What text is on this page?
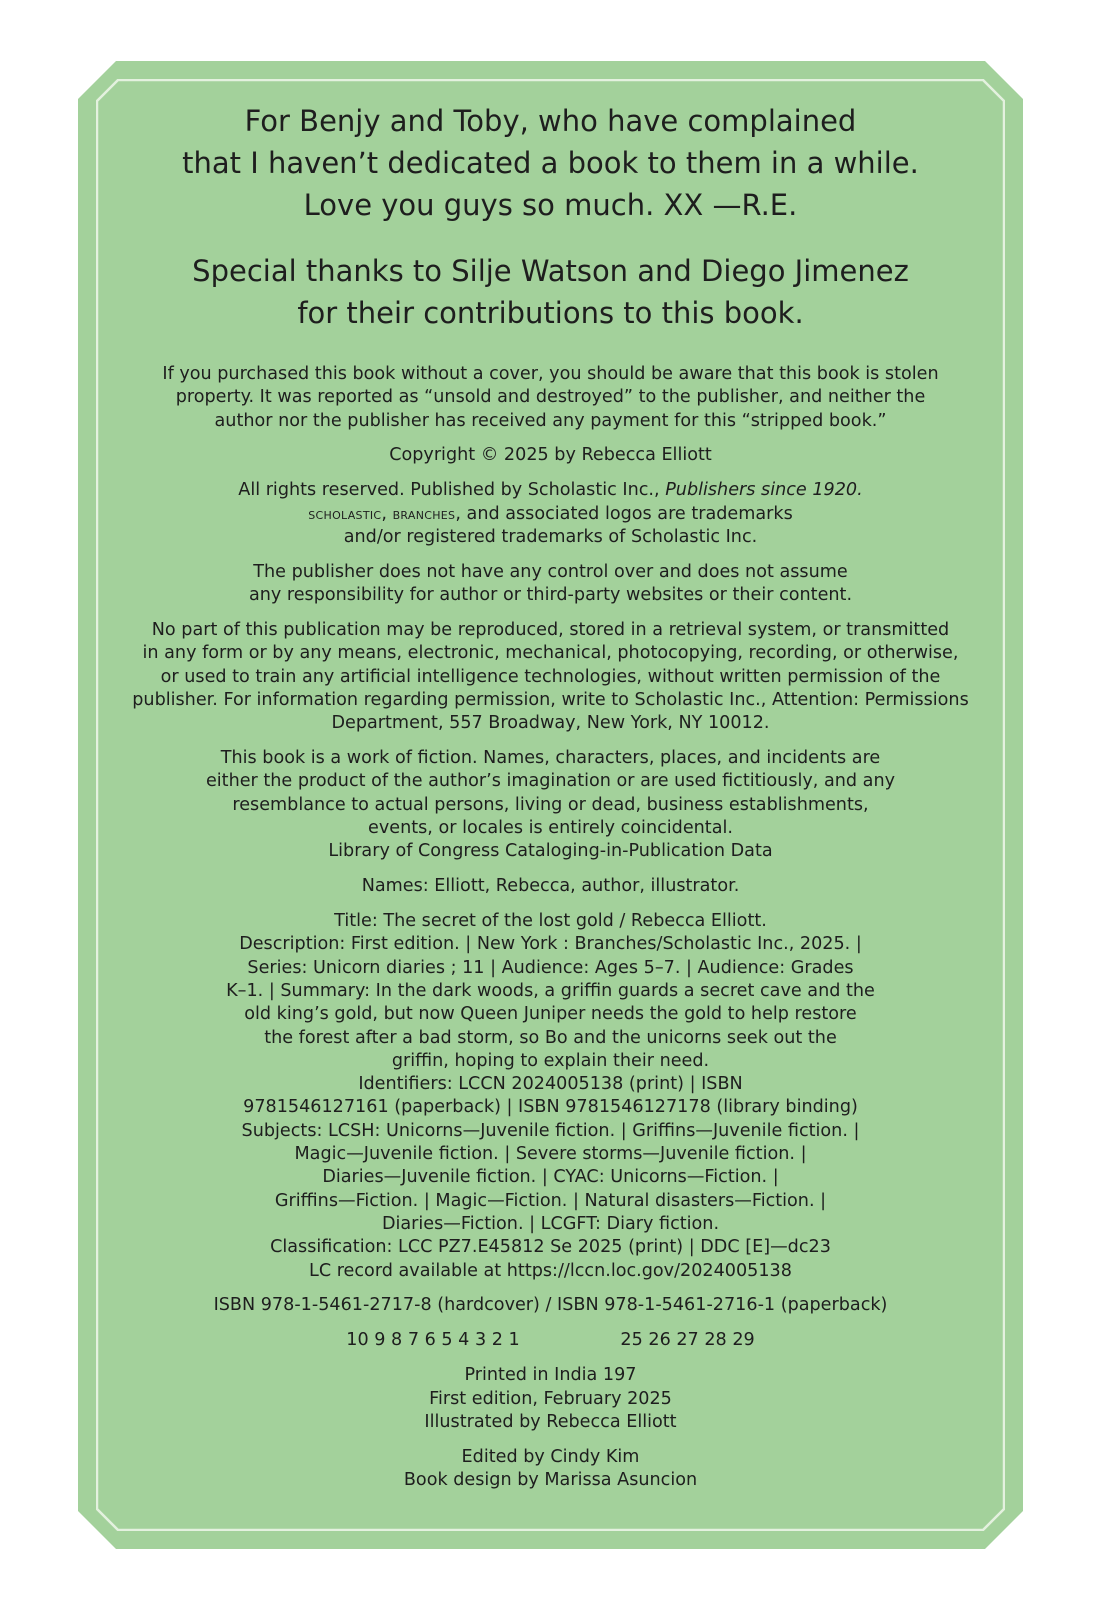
For Benjy and Toby, who have complained
that I haven’t dedicated a book to them in a while.
Love you guys so much. XX —R.E.
Special thanks to Silje Watson and Diego Jimenez
for their contributions to this book.
If you purchased this book without a cover, you should be aware that this book is stolen
property. It was reported as “unsold and destroyed” to the publisher, and neither the
author nor the publisher has received any payment for this “stripped book.”
Copyright © 2025 by Rebecca Elliott
All rights reserved. Published by Scholastic Inc., Publishers since 1920.
scholastic, branches, and associated logos are trademarks
and/or registered trademarks of Scholastic Inc.
The publisher does not have any control over and does not assume
any responsibility for author or third-party websites or their content.
No part of this publication may be reproduced, stored in a retrieval system, or transmitted
in any form or by any means, electronic, mechanical, photocopying, recording, or otherwise,
or used to train any artificial intelligence technologies, without written permission of the
publisher. For information regarding permission, write to Scholastic Inc., Attention: Permissions
Department, 557 Broadway, New York, NY 10012.
This book is a work of fiction. Names, characters, places, and incidents are
either the product of the author’s imagination or are used fictitiously, and any
resemblance to actual persons, living or dead, business establishments,
events, or locales is entirely coincidental.
Library of Congress Cataloging-in-Publication Data
Names: Elliott, Rebecca, author, illustrator.
Title: The secret of the lost gold / Rebecca Elliott.
Description: First edition. | New York : Branches/Scholastic Inc., 2025. |
Series: Unicorn diaries ; 11 | Audience: Ages 5–7. | Audience: Grades
K–1. | Summary: In the dark woods, a griffin guards a secret cave and the
old king’s gold, but now Queen Juniper needs the gold to help restore
the forest after a bad storm, so Bo and the unicorns seek out the
griffin, hoping to explain their need.
Identifiers: LCCN 2024005138 (print) | ISBN
9781546127161 (paperback) | ISBN 9781546127178 (library binding)
Subjects: LCSH: Unicorns—Juvenile fiction. | Griffins—Juvenile fiction. |
Magic—Juvenile fiction. | Severe storms—Juvenile fiction. |
Diaries—Juvenile fiction. | CYAC: Unicorns—Fiction. |
Griffins—Fiction. | Magic—Fiction. | Natural disasters—Fiction. |
Diaries—Fiction. | LCGFT: Diary fiction.
Classification: LCC PZ7.E45812 Se 2025 (print) | DDC [E]—dc23
LC record available at https://lccn.loc.gov/2024005138
ISBN 978-1-5461-2717-8 (hardcover) / ISBN 978-1-5461-2716-1 (paperback)
10 9 8 7 6 5 4 3 2 1	25 26 27 28 29
Printed in India 197
First edition, February 2025
Illustrated by Rebecca Elliott
Edited by Cindy Kim
Book design by Marissa Asuncion
